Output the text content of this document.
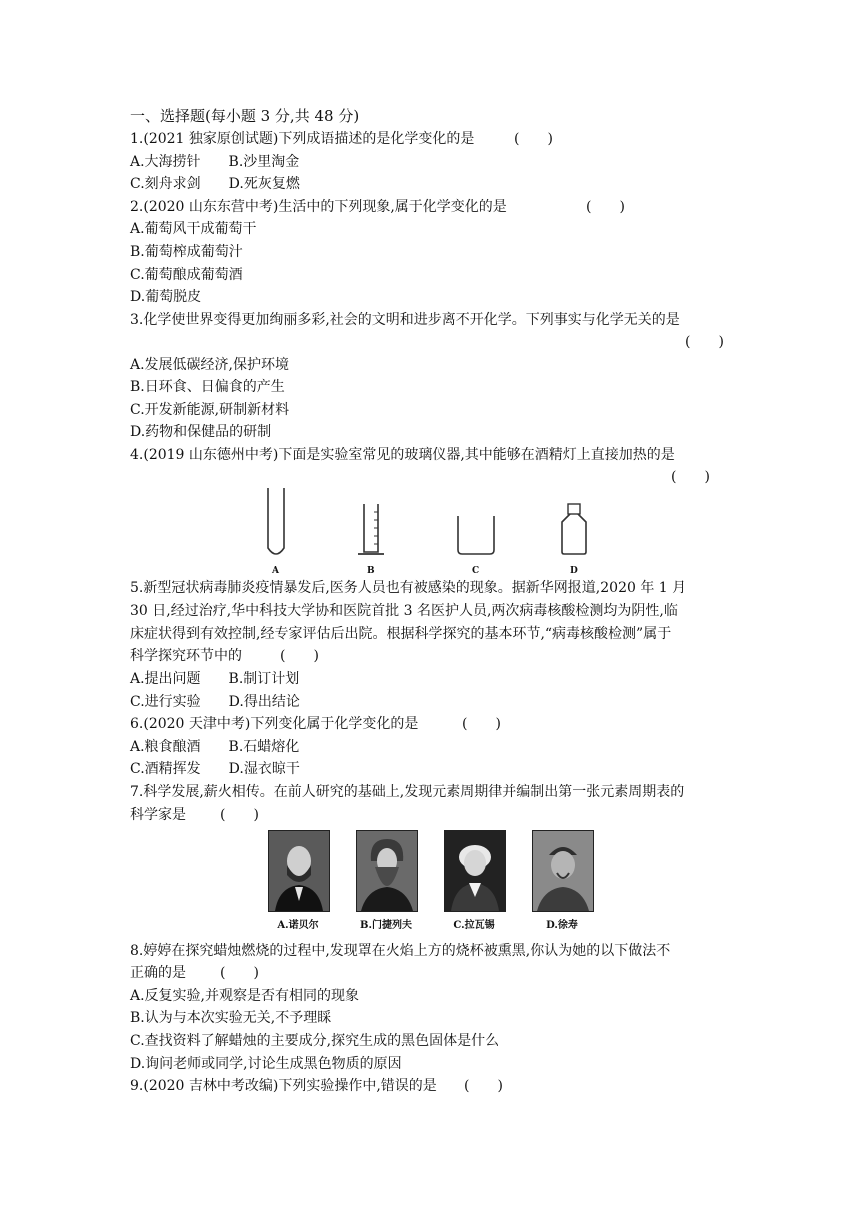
一、选择题(每小题 3 分,共 48 分)
1.(2021 独家原创试题)下列成语描述的是化学变化的是	(　　)
A.大海捞针　　B.沙里淘金
C.刻舟求剑　　D.死灰复燃
2.(2020 山东东营中考)生活中的下列现象,属于化学变化的是	(　　)
A.葡萄风干成葡萄干
B.葡萄榨成葡萄汁
C.葡萄酿成葡萄酒
D.葡萄脱皮
3.化学使世界变得更加绚丽多彩,社会的文明和进步离不开化学。下列事实与化学无关的是
(　　)
A.发展低碳经济,保护环境
B.日环食、日偏食的产生
C.开发新能源,研制新材料
D.药物和保健品的研制
4.(2019 山东德州中考)下面是实验室常见的玻璃仪器,其中能够在酒精灯上直接加热的是
(　　)
A	B	C	D
5.新型冠状病毒肺炎疫情暴发后,医务人员也有被感染的现象。据新华网报道,2020 年 1 月
30 日,经过治疗,华中科技大学协和医院首批 3 名医护人员,两次病毒核酸检测均为阴性,临
床症状得到有效控制,经专家评估后出院。根据科学探究的基本环节,“病毒核酸检测”属于
科学探究环节中的	(　　)
A.提出问题　　B.制订计划
C.进行实验　　D.得出结论
6.(2020 天津中考)下列变化属于化学变化的是	(　　)
A.粮食酿酒　　B.石蜡熔化
C.酒精挥发　　D.湿衣晾干
7.科学发展,薪火相传。在前人研究的基础上,发现元素周期律并编制出第一张元素周期表的
科学家是 (　　)
A.诺贝尔	B.门捷列夫	C.拉瓦锡	D.徐寿
8.婷婷在探究蜡烛燃烧的过程中,发现罩在火焰上方的烧杯被熏黑,你认为她的以下做法不
正确的是 (　　)
A.反复实验,并观察是否有相同的现象
B.认为与本次实验无关,不予理睬
C.查找资料了解蜡烛的主要成分,探究生成的黑色固体是什么
D.询问老师或同学,讨论生成黑色物质的原因
9.(2020 吉林中考改编)下列实验操作中,错误的是 (　　)
